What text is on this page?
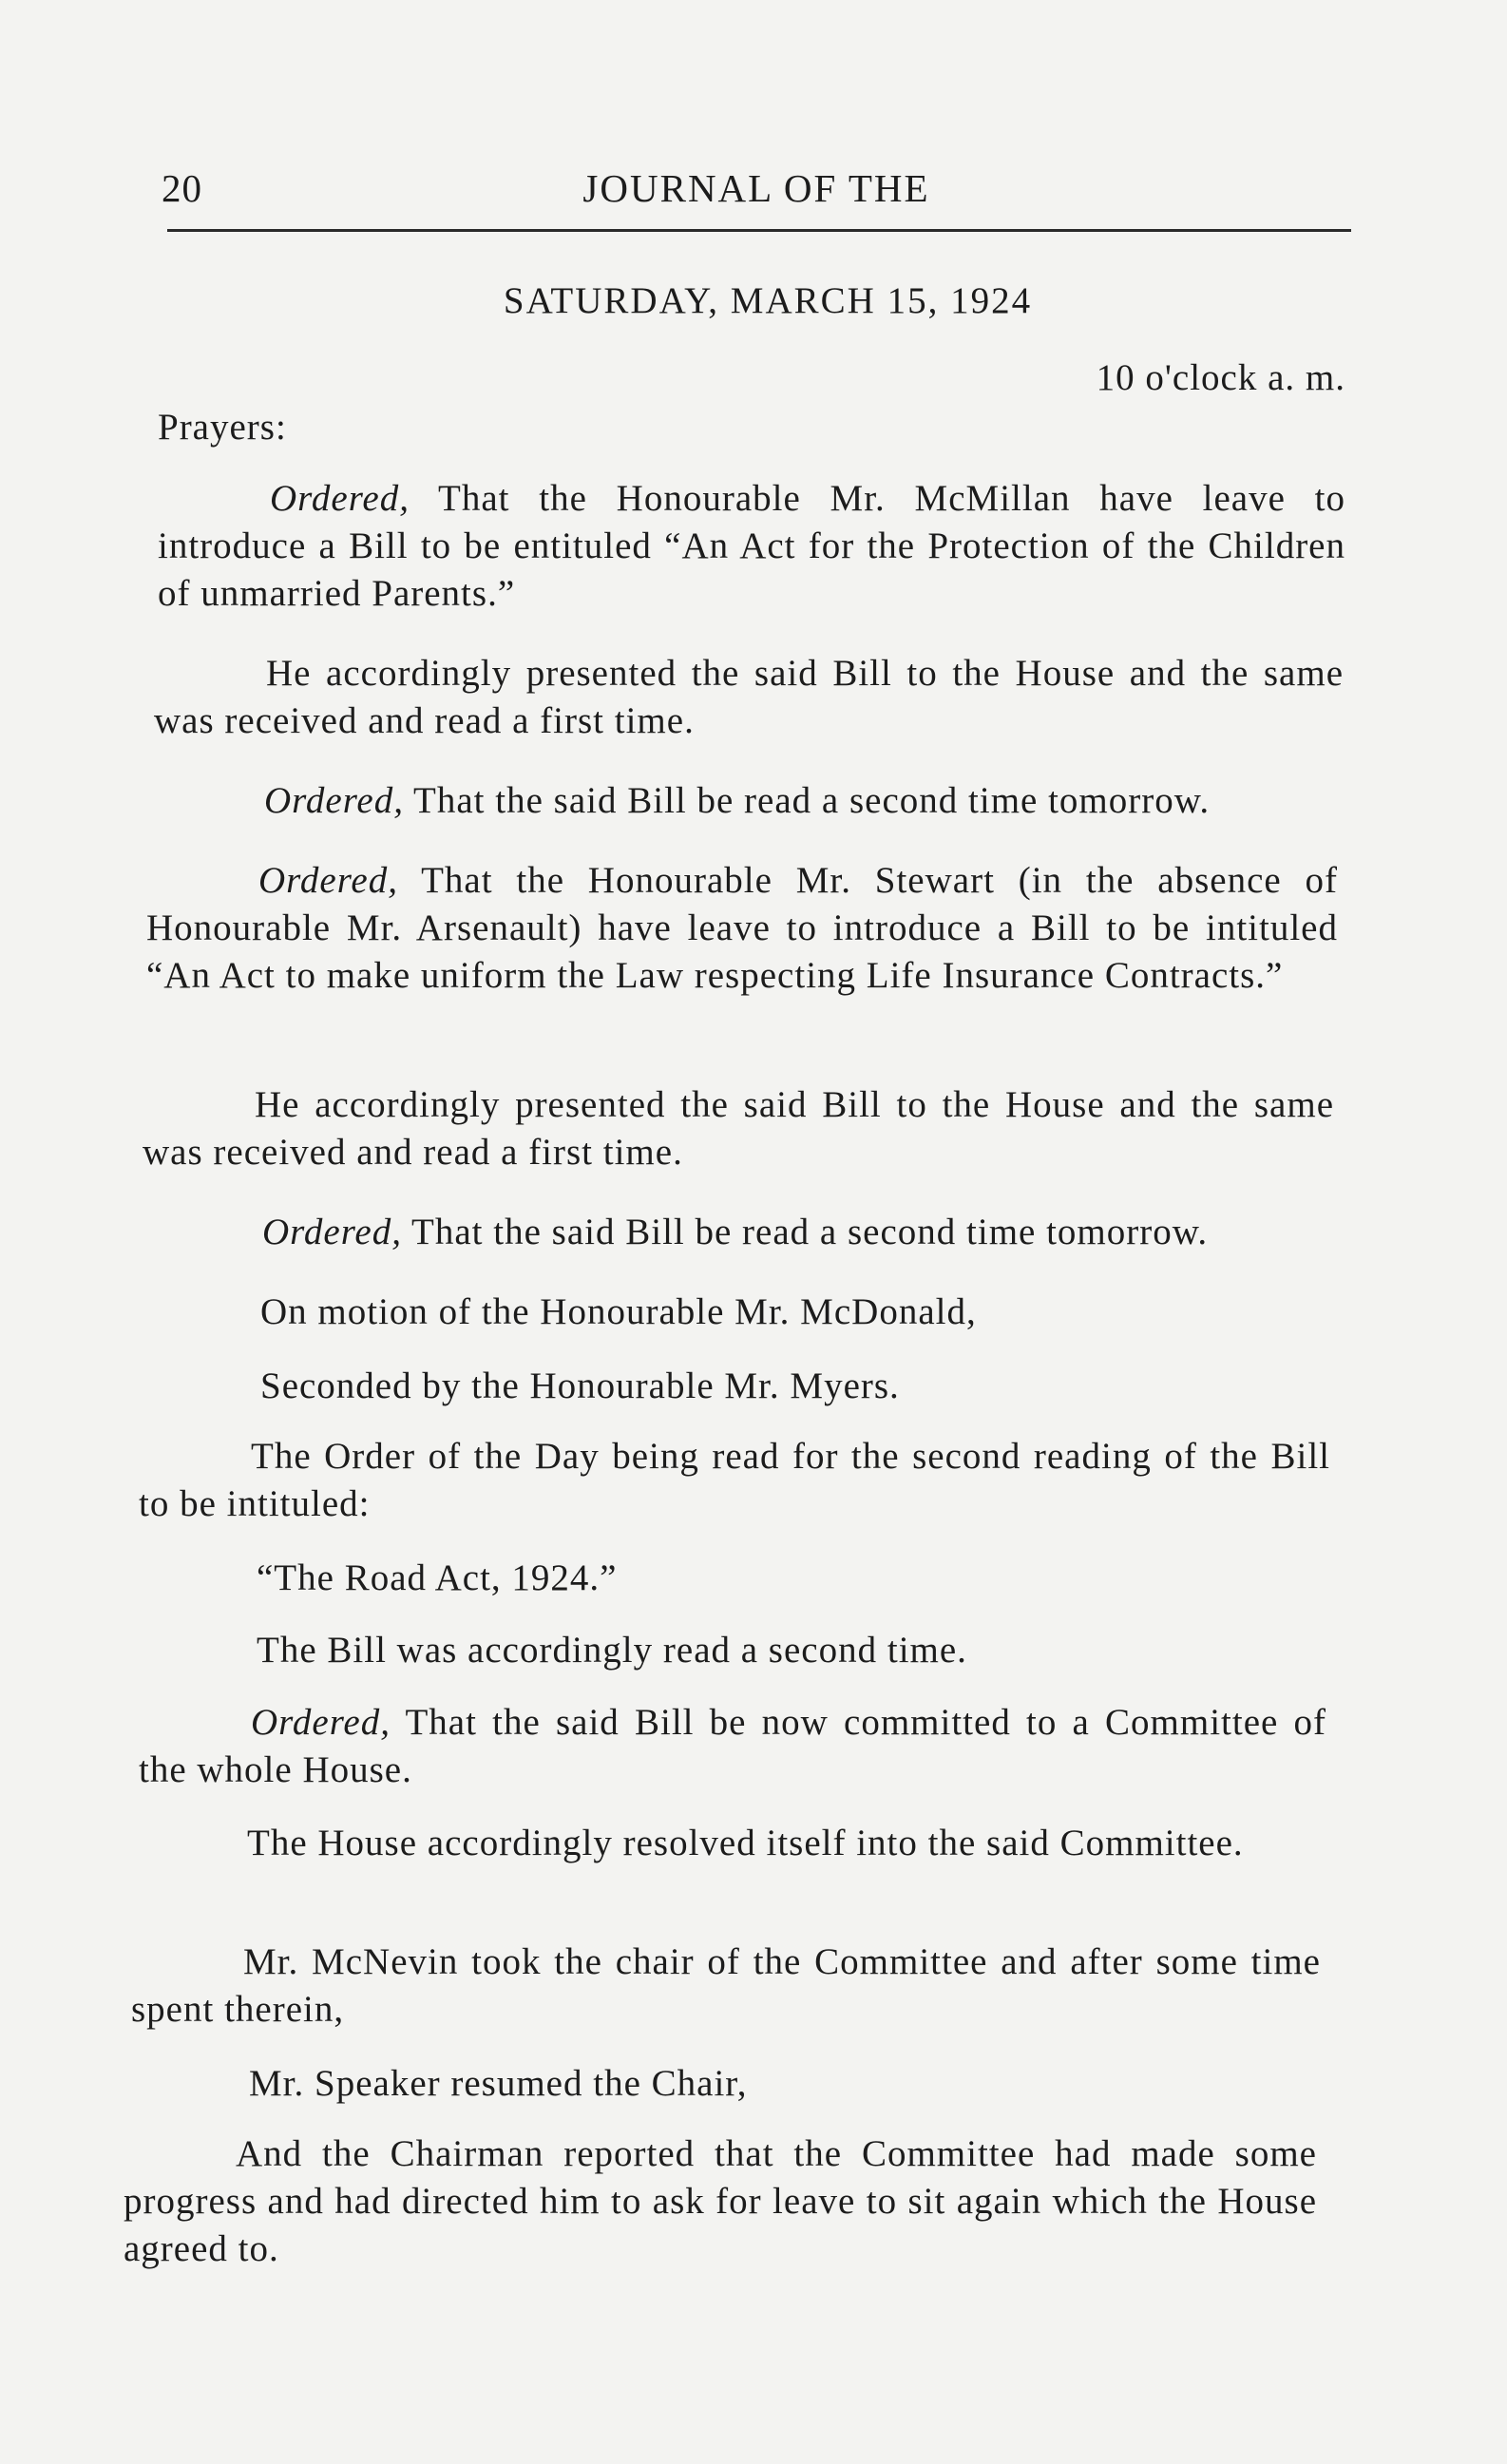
20	JOURNAL OF THE
SATURDAY, MARCH 15, 1924
10 o'clock a. m.
Prayers:
Ordered, That the Honourable Mr. McMillan have leave to introduce a Bill to be entituled “An Act for the Protection of the Children of unmarried Parents.”
He accordingly presented the said Bill to the House and the same was received and read a first time.
Ordered, That the said Bill be read a second time tomorrow.
Ordered, That the Honourable Mr. Stewart (in the absence of Honourable Mr. Arsenault) have leave to introduce a Bill to be intituled “An Act to make uniform the Law respecting Life Insurance Contracts.”
He accordingly presented the said Bill to the House and the same was received and read a first time.
Ordered, That the said Bill be read a second time tomorrow.
On motion of the Honourable Mr. McDonald,
Seconded by the Honourable Mr. Myers.
The Order of the Day being read for the second reading of the Bill to be intituled:
“The Road Act, 1924.”
The Bill was accordingly read a second time.
Ordered, That the said Bill be now committed to a Committee of the whole House.
The House accordingly resolved itself into the said Committee.
Mr. McNevin took the chair of the Committee and after some time spent therein,
Mr. Speaker resumed the Chair,
And the Chairman reported that the Committee had made some progress and had directed him to ask for leave to sit again which the House agreed to.
